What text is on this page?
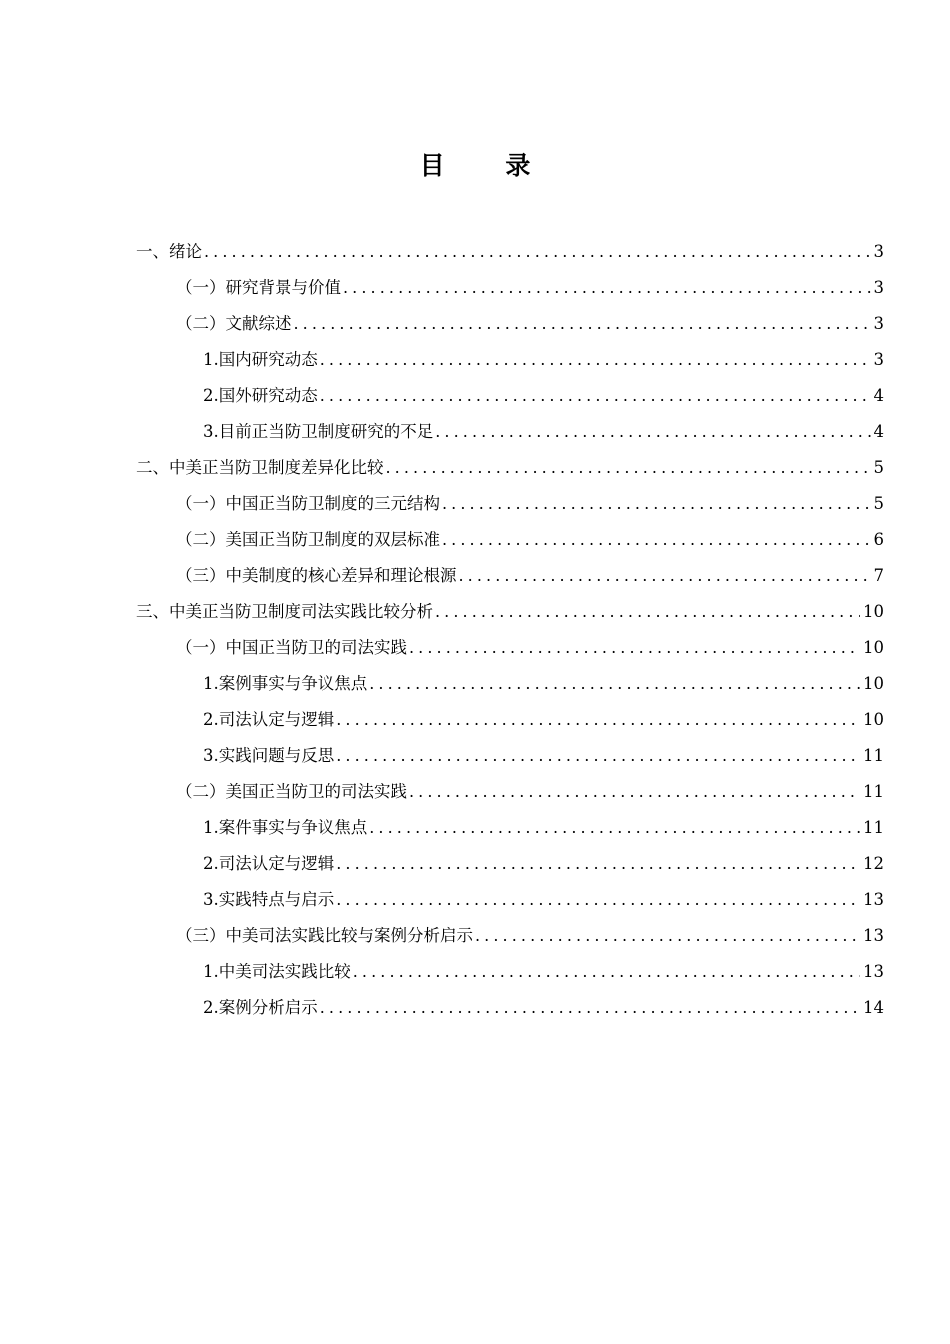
目 录
一、绪论 .....	3
（一）研究背景与价值 .....	3
（二）文献综述 .....	3
1.国内研究动态 .....	3
2.国外研究动态 .....	4
3.目前正当防卫制度研究的不足 .....	4
二、中美正当防卫制度差异化比较 .....	5
（一）中国正当防卫制度的三元结构 .....	5
（二）美国正当防卫制度的双层标准 .....	6
（三）中美制度的核心差异和理论根源 .....	7
三、中美正当防卫制度司法实践比较分析 .....	10
（一）中国正当防卫的司法实践 .....	10
1.案例事实与争议焦点 .....	10
2.司法认定与逻辑 .....	10
3.实践问题与反思 .....	11
（二）美国正当防卫的司法实践 .....	11
1.案件事实与争议焦点 .....	11
2.司法认定与逻辑 .....	12
3.实践特点与启示 .....	13
（三）中美司法实践比较与案例分析启示 .....	13
1.中美司法实践比较 .....	13
2.案例分析启示 .....	14
